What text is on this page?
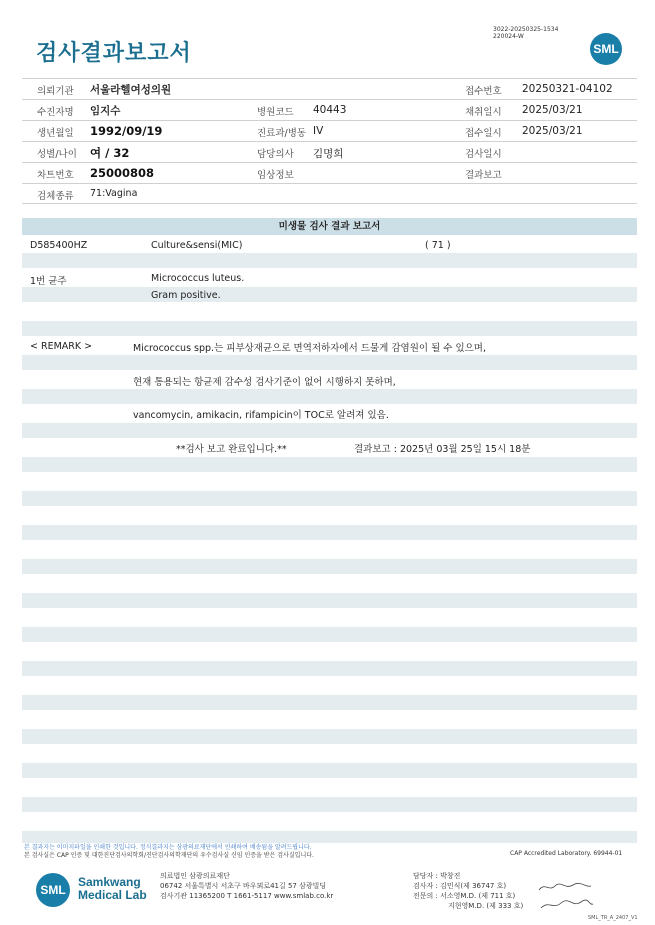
검사결과보고서
3022-20250325-1534
220024-W
SML
의뢰기관 서울라헬여성의원	접수번호 20250321-04102
수진자명 임지수	병원코드 40443	채취일시 2025/03/21
생년월일 1992/09/19	진료과/병동 IV	접수일시 2025/03/21
성별/나이 여 / 32	담당의사 김명희	검사일시
차트번호 25000808	임상정보	결과보고
검체종류 71:Vagina
미생물 검사 결과 보고서
D585400HZ	Culture&sensi(MIC)	( 71 )
1번 균주	Micrococcus luteus.
Gram positive.
< REMARK >	Micrococcus spp.는 피부상재균으로 면역저하자에서 드물게 감염원이 될 수 있으며,
현재 통용되는 항균제 감수성 검사기준이 없어 시행하지 못하며,
vancomycin, amikacin, rifampicin이 TOC로 알려져 있음.
**검사 보고 완료입니다.**	결과보고 : 2025년 03월 25일 15시 18분
본 결과지는 이미지파일을 인쇄한 것입니다. 정식결과지는 삼광의료재단에서 인쇄하여 배송됨을 알려드립니다.
본 검사실은 CAP 인증 및 대한진단검사의학회/진단검사의학재단의 우수검사실 신임 인증을 받은 검사실입니다.	CAP Accredited Laboratory. 69944-01
SML
Samkwang
Medical Lab
의료법인 삼광의료재단
06742 서울특별시 서초구 바우뫼로41길 57 삼광빌딩
검사기관 11365200 T 1661-5117 www.smlab.co.kr
담당자 : 박창진
검사자 : 김민식(제 36747 호)
전문의 : 서소영M.D. (제 711 호)
지현영M.D. (제 333 호)
SML_TR_A_2407_V1
